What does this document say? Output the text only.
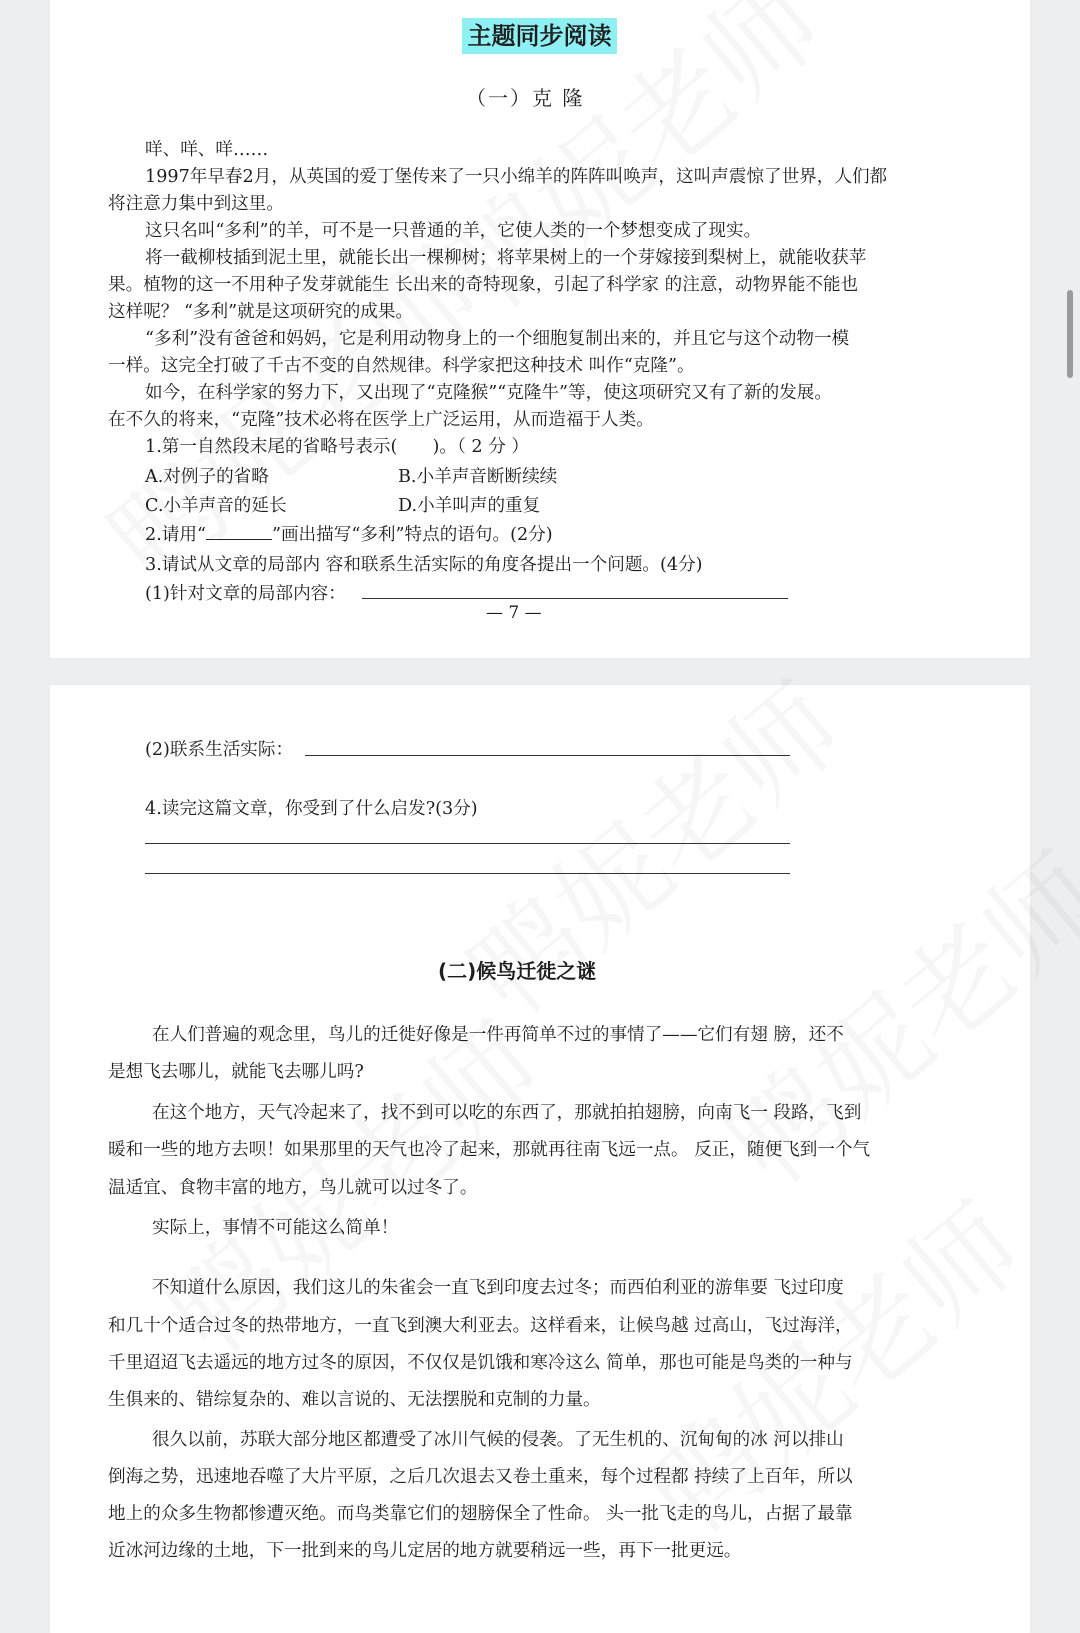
主题同步阅读
（一）克 隆
咩、咩、咩……
1997年早春2月，从英国的爱丁堡传来了一只小绵羊的阵阵叫唤声，这叫声震惊了世界，人们都
将注意力集中到这里。
这只名叫“多利”的羊，可不是一只普通的羊，它使人类的一个梦想变成了现实。
将一截柳枝插到泥土里，就能长出一棵柳树；将苹果树上的一个芽嫁接到梨树上，就能收获苹
果。植物的这一不用种子发芽就能生 长出来的奇特现象，引起了科学家 的注意，动物界能不能也
这样呢？ “多利”就是这项研究的成果。
“多利”没有爸爸和妈妈，它是利用动物身上的一个细胞复制出来的，并且它与这个动物一模
一样。这完全打破了千古不变的自然规律。科学家把这种技术 叫作“克隆”。
如今，在科学家的努力下，又出现了“克隆猴”“克隆牛”等，使这项研究又有了新的发展。
在不久的将来，“克隆”技术必将在医学上广泛运用，从而造福于人类。
1.第一自然段末尾的省略号表示(　　)。（ 2 分 ）
A.对例子的省略	B.小羊声音断断续续
C.小羊声音的延长	D.小羊叫声的重复
2.请用“	”画出描写“多利”特点的语句。(2分)
3.请试从文章的局部内 容和联系生活实际的角度各提出一个问题。(4分)
(1)针对文章的局部内容：
— 7 —
(2)联系生活实际：
4.读完这篇文章，你受到了什么启发?(3分)
(二)候鸟迁徙之谜
在人们普遍的观念里，鸟儿的迁徙好像是一件再简单不过的事情了——它们有翅 膀，还不
是想飞去哪儿，就能飞去哪儿吗?
在这个地方，天气冷起来了，找不到可以吃的东西了，那就拍拍翅膀，向南飞一 段路，飞到
暖和一些的地方去呗！如果那里的天气也冷了起来，那就再往南飞远一点。 反正，随便飞到一个气
温适宜、食物丰富的地方，鸟儿就可以过冬了。
实际上，事情不可能这么简单！
不知道什么原因，我们这儿的朱雀会一直飞到印度去过冬；而西伯利亚的游隼要 飞过印度
和几十个适合过冬的热带地方，一直飞到澳大利亚去。这样看来，让候鸟越 过高山，飞过海洋，
千里迢迢飞去遥远的地方过冬的原因，不仅仅是饥饿和寒冷这么 简单，那也可能是鸟类的一种与
生俱来的、错综复杂的、难以言说的、无法摆脱和克制的力量。
很久以前，苏联大部分地区都遭受了冰川气候的侵袭。了无生机的、沉甸甸的冰 河以排山
倒海之势，迅速地吞噬了大片平原，之后几次退去又卷土重来，每个过程都 持续了上百年，所以
地上的众多生物都惨遭灭绝。而鸟类靠它们的翅膀保全了性命。 头一批飞走的鸟儿，占据了最靠
近冰河边缘的土地，下一批到来的鸟儿定居的地方就要稍远一些，再下一批更远。
